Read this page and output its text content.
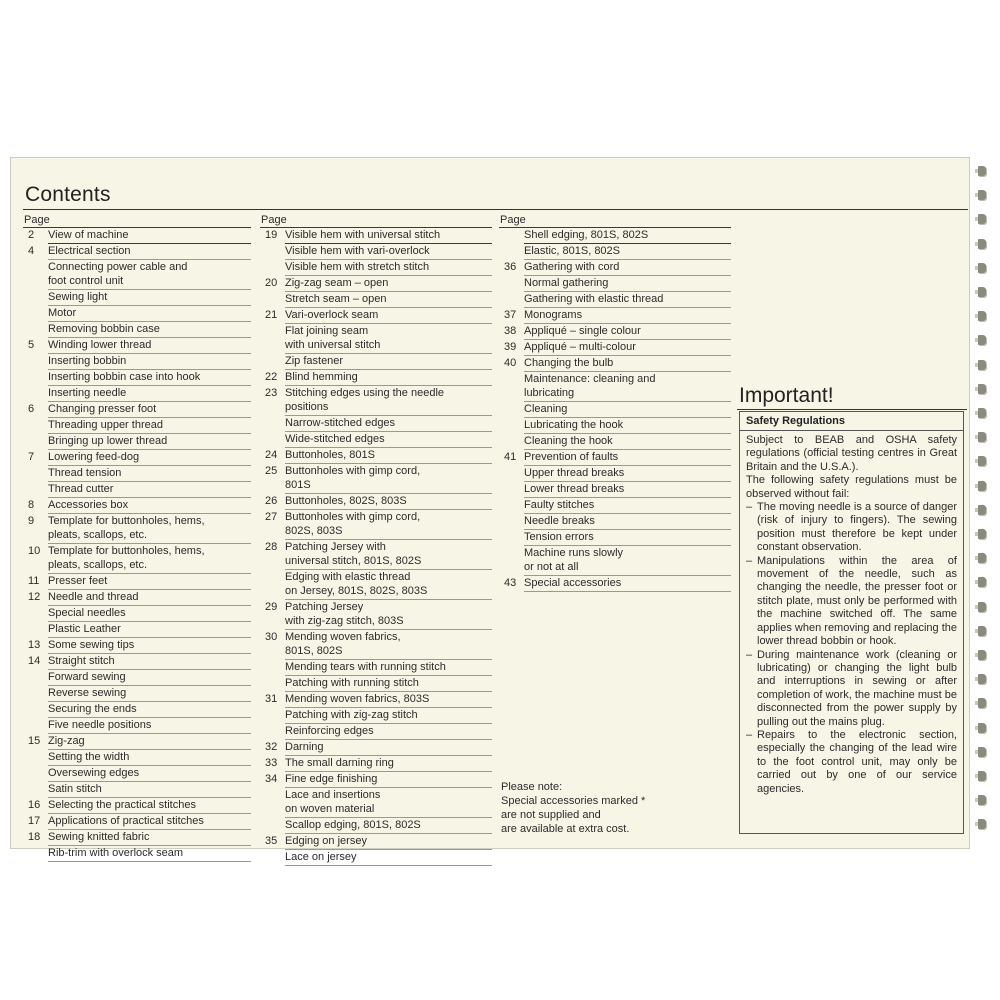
Contents
Page
2	View of machine
4	Electrical section
Connecting power cable and
foot control unit
Sewing light
Motor
Removing bobbin case
5	Winding lower thread
Inserting bobbin
Inserting bobbin case into hook
Inserting needle
6	Changing presser foot
Threading upper thread
Bringing up lower thread
7	Lowering feed-dog
Thread tension
Thread cutter
8	Accessories box
9	Template for buttonholes, hems,
pleats, scallops, etc.
10 Template for buttonholes, hems,
pleats, scallops, etc.
11 Presser feet
12 Needle and thread
Special needles
Plastic Leather
13 Some sewing tips
14 Straight stitch
Forward sewing
Reverse sewing
Securing the ends
Five needle positions
15 Zig-zag
Setting the width
Oversewing edges
Satin stitch
16 Selecting the practical stitches
17 Applications of practical stitches
18 Sewing knitted fabric
Rib-trim with overlock seam
Page
19 Visible hem with universal stitch
Visible hem with vari-overlock
Visible hem with stretch stitch
20 Zig-zag seam – open
Stretch seam – open
21 Vari-overlock seam
Flat joining seam
with universal stitch
Zip fastener
22 Blind hemming
23 Stitching edges using the needle
positions
Narrow-stitched edges
Wide-stitched edges
24 Buttonholes, 801S
25 Buttonholes with gimp cord,
801S
26 Buttonholes, 802S, 803S
27 Buttonholes with gimp cord,
802S, 803S
28 Patching Jersey with
universal stitch, 801S, 802S
Edging with elastic thread
on Jersey, 801S, 802S, 803S
29 Patching Jersey
with zig-zag stitch, 803S
30 Mending woven fabrics,
801S, 802S
Mending tears with running stitch
Patching with running stitch
31 Mending woven fabrics, 803S
Patching with zig-zag stitch
Reinforcing edges
32 Darning
33 The small darning ring
34 Fine edge finishing
Lace and insertions
on woven material
Scallop edging, 801S, 802S
35 Edging on jersey
Lace on jersey
Page
Shell edging, 801S, 802S
Elastic, 801S, 802S
36 Gathering with cord
Normal gathering
Gathering with elastic thread
37 Monograms
38 Appliqué – single colour
39 Appliqué – multi-colour
40 Changing the bulb
Maintenance: cleaning and
lubricating
Cleaning
Lubricating the hook
Cleaning the hook
41 Prevention of faults
Upper thread breaks
Lower thread breaks
Faulty stitches
Needle breaks
Tension errors
Machine runs slowly
or not at all
43 Special accessories
Please note:
Special accessories marked *
are not supplied and
are available at extra cost.
Important!
Safety Regulations
Subject to BEAB and OSHA safety regulations (official testing centres in Great Britain and the U.S.A.).
The following safety regulations must be observed without fail:
– The moving needle is a source of danger (risk of injury to fingers). The sewing position must therefore be kept under constant observation.
– Manipulations within the area of movement of the needle, such as changing the needle, the presser foot or stitch plate, must only be performed with the machine switched off. The same applies when removing and replacing the lower thread bobbin or hook.
– During maintenance work (cleaning or lubricating) or changing the light bulb and interruptions in sewing or after completion of work, the machine must be disconnected from the power supply by pulling out the mains plug.
– Repairs to the electronic section, especially the changing of the lead wire to the foot control unit, may only be carried out by one of our service agencies.
